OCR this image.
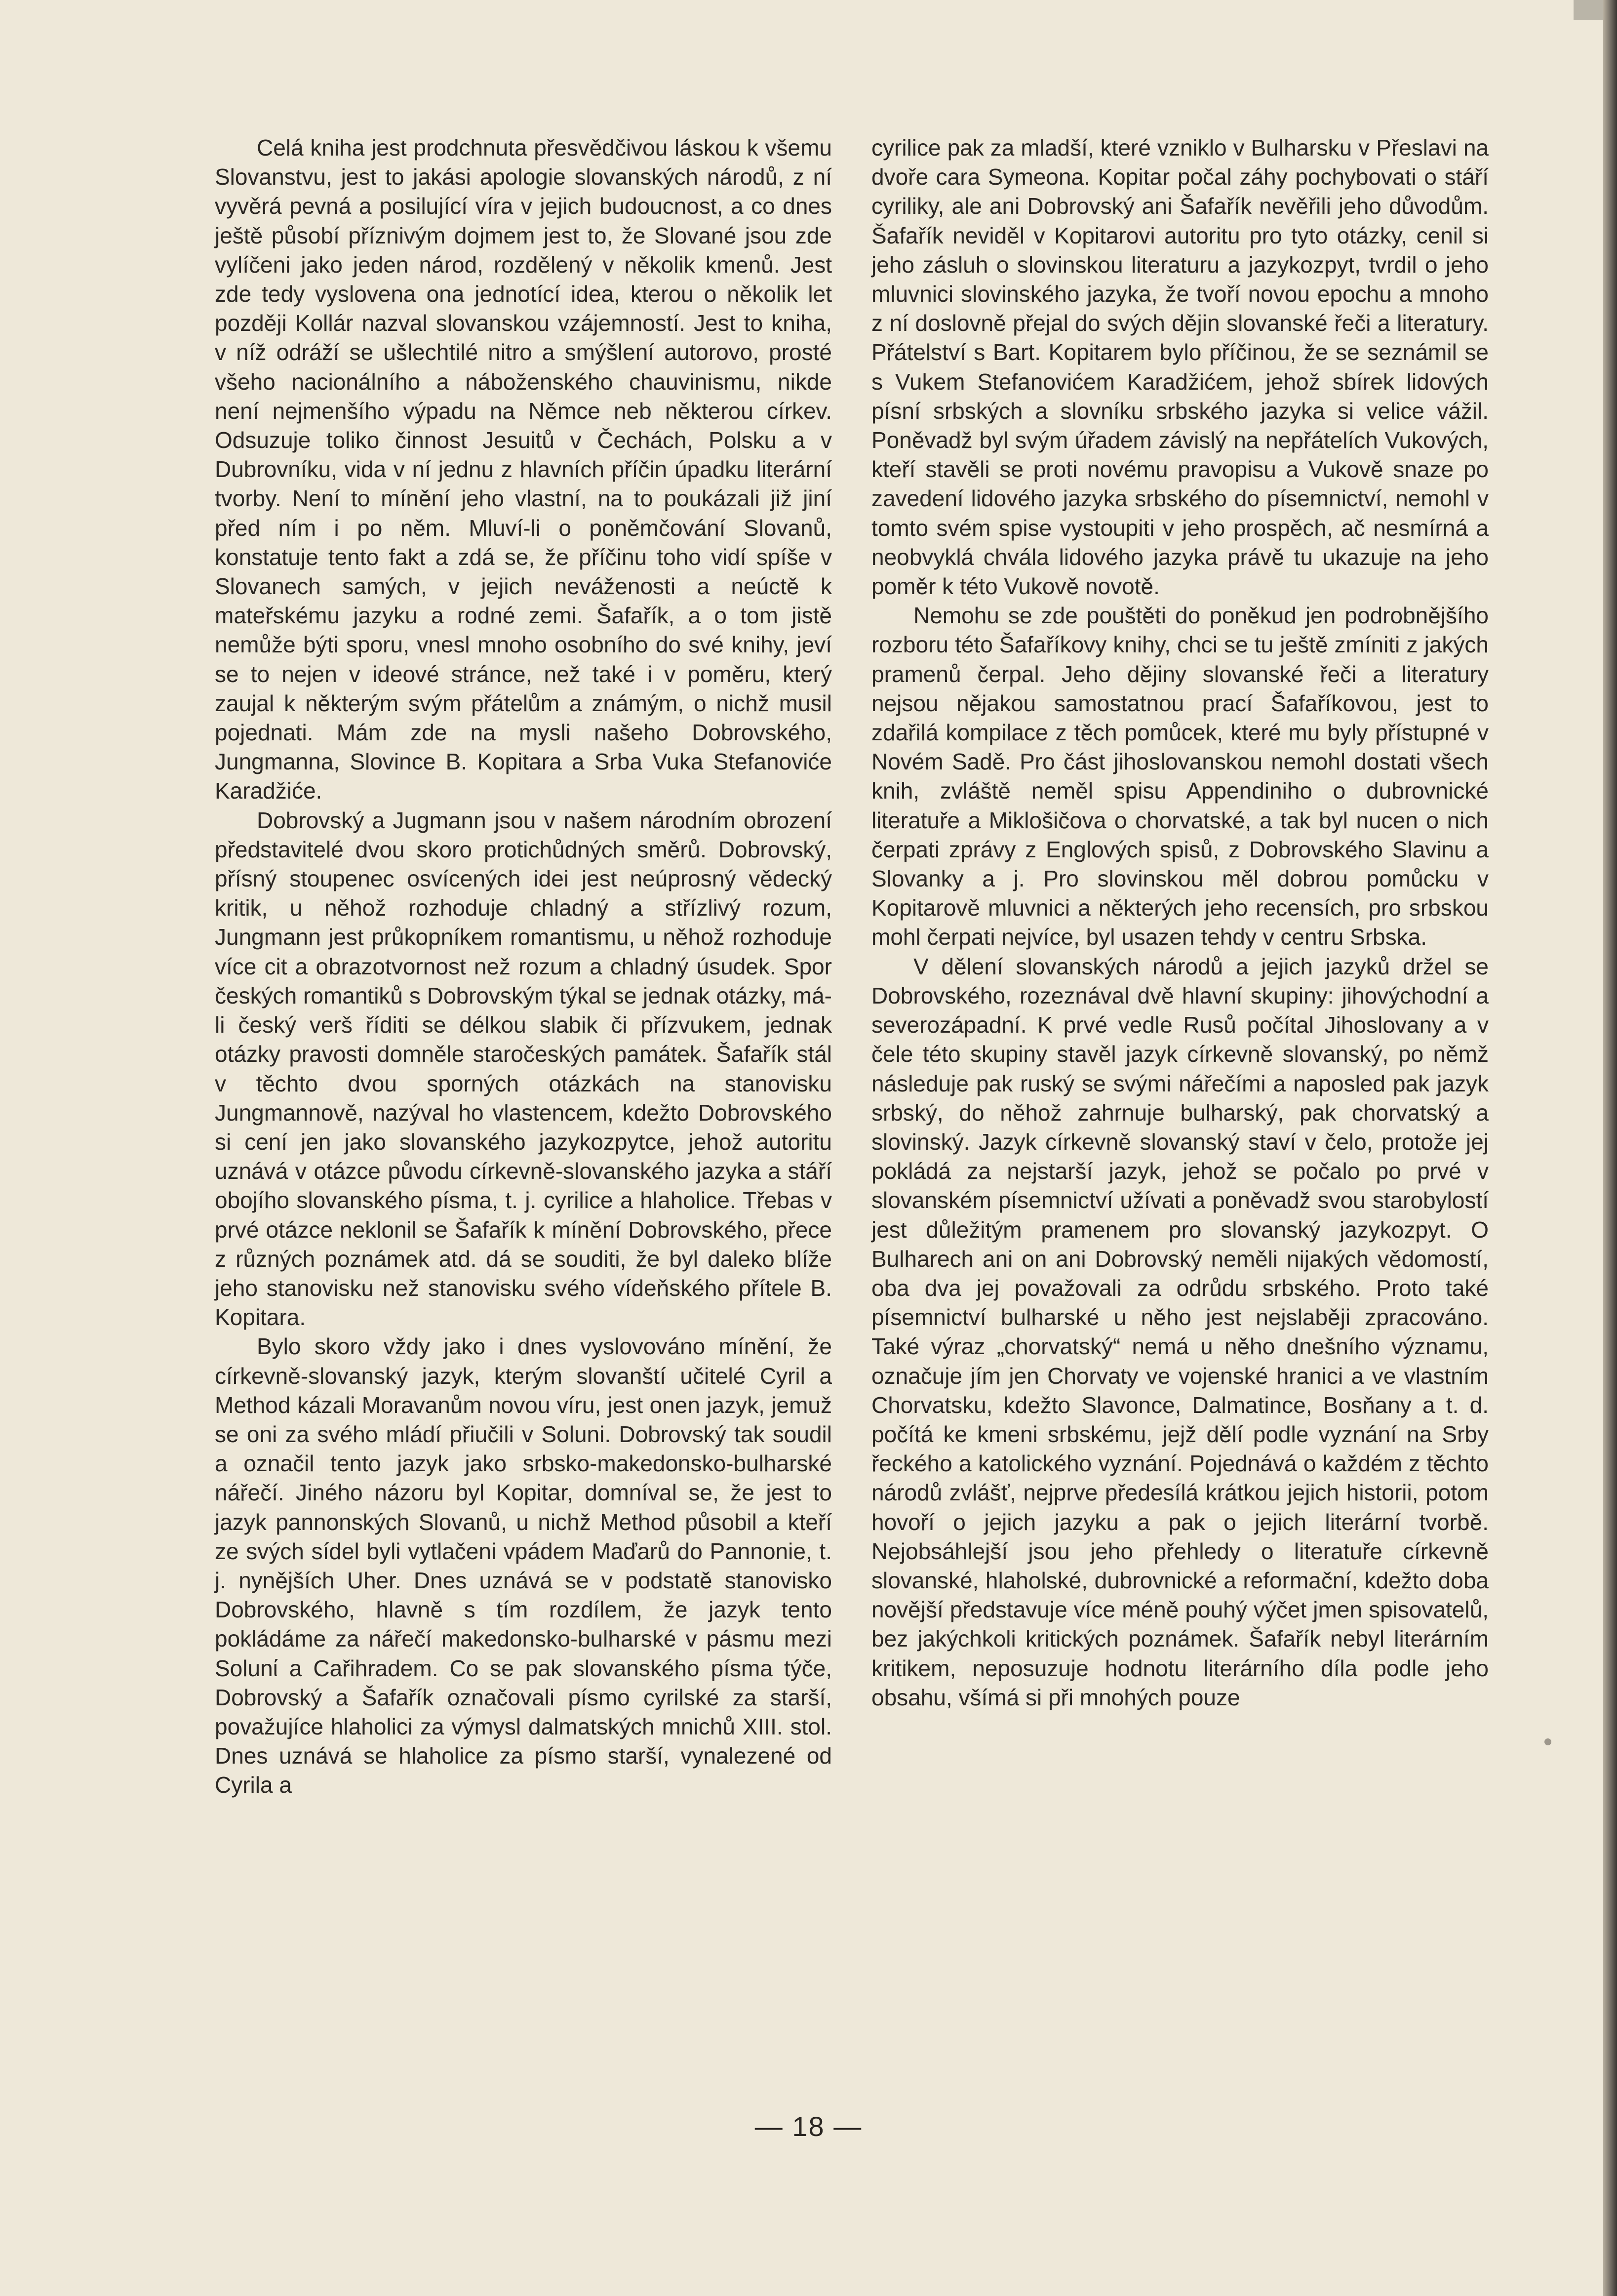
Celá kniha jest prodchnuta přesvědčivou láskou k všemu Slovanstvu, jest to jakási apologie slovanských národů, z ní vyvěrá pevná a posilující víra v jejich budoucnost, a co dnes ještě působí příznivým dojmem jest to, že Slované jsou zde vylíčeni jako jeden národ, rozdělený v několik kmenů. Jest zde tedy vyslovena ona jednotící idea, kterou o několik let později Kollár nazval slovanskou vzájemností. Jest to kniha, v níž odráží se ušlechtilé nitro a smýšlení autorovo, prosté všeho nacionálního a náboženského chauvinismu, nikde není nejmenšího výpadu na Němce neb některou církev. Odsuzuje toliko činnost Jesuitů v Čechách, Polsku a v Dubrovníku, vida v ní jednu z hlavních příčin úpadku literární tvorby. Není to mínění jeho vlastní, na to poukázali již jiní před ním i po něm. Mluví-li o poněmčování Slovanů, konstatuje tento fakt a zdá se, že příčinu toho vidí spíše v Slovanech samých, v jejich neváženosti a neúctě k mateřskému jazyku a rodné zemi. Šafařík, a o tom jistě nemůže býti sporu, vnesl mnoho osobního do své knihy, jeví se to nejen v ideové stránce, než také i v poměru, který zaujal k některým svým přátelům a známým, o nichž musil pojednati. Mám zde na mysli našeho Dobrovského, Jungmanna, Slovince B. Kopitara a Srba Vuka Stefanoviće Karadžiće.

Dobrovský a Jugmann jsou v našem národním obrození představitelé dvou skoro protichůdných směrů. Dobrovský, přísný stoupenec osvícených idei jest neúprosný vědecký kritik, u něhož rozhoduje chladný a střízlivý rozum, Jungmann jest průkopníkem romantismu, u něhož rozhoduje více cit a obrazotvornost než rozum a chladný úsudek. Spor českých romantiků s Dobrovským týkal se jednak otázky, má-li český verš říditi se délkou slabik či přízvukem, jednak otázky pravosti domněle staročeských památek. Šafařík stál v těchto dvou sporných otázkách na stanovisku Jungmannově, nazýval ho vlastencem, kdežto Dobrovského si cení jen jako slovanského jazykozpytce, jehož autoritu uznává v otázce původu církevně-slovanského jazyka a stáří obojího slovanského písma, t. j. cyrilice a hlaholice. Třebas v prvé otázce neklonil se Šafařík k mínění Dobrovského, přece z různých poznámek atd. dá se souditi, že byl daleko blíže jeho stanovisku než stanovisku svého vídeňského přítele B. Kopitara.

Bylo skoro vždy jako i dnes vyslovováno mínění, že církevně-slovanský jazyk, kterým slovanští učitelé Cyril a Method kázali Moravanům novou víru, jest onen jazyk, jemuž se oni za svého mládí přiučili v Soluni. Dobrovský tak soudil a označil tento jazyk jako srbsko-makedonsko-bulharské nářečí. Jiného názoru byl Kopitar, domníval se, že jest to jazyk pannonských Slovanů, u nichž Method působil a kteří ze svých sídel byli vytlačeni vpádem Maďarů do Pannonie, t. j. nynějších Uher. Dnes uznává se v podstatě stanovisko Dobrovského, hlavně s tím rozdílem, že jazyk tento pokládáme za nářečí makedonsko-bulharské v pásmu mezi Solunί a Cařihradem. Co se pak slovanského písma týče, Dobrovský a Šafařík označovali písmo cyrilské za starší, považujíce hlaholici za výmysl dalmatských mnichů XIII. stol. Dnes uznává se hlaholice za písmo starší, vynalezené od Cyrila a

cyrilice pak za mladší, které vzniklo v Bulharsku v Přeslavi na dvoře cara Symeona. Kopitar počal záhy pochybovati o stáří cyriliky, ale ani Dobrovský ani Šafařík nevěřili jeho důvodům. Šafařík neviděl v Kopitarovi autoritu pro tyto otázky, cenil si jeho zásluh o slovinskou literaturu a jazykozpyt, tvrdil o jeho mluvnici slovinského jazyka, že tvoří novou epochu a mnoho z ní doslovně přejal do svých dějin slovanské řeči a literatury. Přátelství s Bart. Kopitarem bylo příčinou, že se seznámil se s Vukem Stefanovićem Karadžićem, jehož sbírek lidových písní srbských a slovníku srbského jazyka si velice vážil. Poněvadž byl svým úřadem závislý na nepřátelích Vukových, kteří stavěli se proti novému pravopisu a Vukově snaze po zavedení lidového jazyka srbského do písemnictví, nemohl v tomto svém spise vystoupiti v jeho prospěch, ač nesmírná a neobvyklá chvála lidového jazyka právě tu ukazuje na jeho poměr k této Vukově novotě.

Nemohu se zde pouštěti do poněkud jen podrobnějšího rozboru této Šafaříkovy knihy, chci se tu ještě zmíniti z jakých pramenů čerpal. Jeho dějiny slovanské řeči a literatury nejsou nějakou samostatnou prací Šafaříkovou, jest to zdařilá kompilace z těch pomůcek, které mu byly přístupné v Novém Sadě. Pro část jihoslovanskou nemohl dostati všech knih, zvláště neměl spisu Appendiniho o dubrovnické literatuře a Miklošičova o chorvatské, a tak byl nucen o nich čerpati zprávy z Englových spisů, z Dobrovského Slavinu a Slovanky a j. Pro slovinskou měl dobrou pomůcku v Kopitarově mluvnici a některých jeho recensích, pro srbskou mohl čerpati nejvíce, byl usazen tehdy v centru Srbska.

V dělení slovanských národů a jejich jazyků držel se Dobrovského, rozeznával dvě hlavní skupiny: jihovýchodní a severozápadní. K prvé vedle Rusů počítal Jihoslovany a v čele této skupiny stavěl jazyk církevně slovanský, po němž následuje pak ruský se svými nářečími a naposled pak jazyk srbský, do něhož zahrnuje bulharský, pak chorvatský a slovinský. Jazyk církevně slovanský staví v čelo, protože jej pokládá za nejstarší jazyk, jehož se počalo po prvé v slovanském písemnictví užívati a poněvadž svou starobylostí jest důležitým pramenem pro slovanský jazykozpyt. O Bulharech ani on ani Dobrovský neměli nijakých vědomostí, oba dva jej považovali za odrůdu srbského. Proto také písemnictví bulharské u něho jest nejslaběji zpracováno. Také výraz „chorvatský“ nemá u něho dnešního významu, označuje jím jen Chorvaty ve vojenské hranici a ve vlastním Chorvatsku, kdežto Slavonce, Dalmatince, Bosňany a t. d. počítá ke kmeni srbskému, jejž dělí podle vyznání na Srby řeckého a katolického vyznání. Pojednává o každém z těchto národů zvlášť, nejprve předesílá krátkou jejich historii, potom hovoří o jejich jazyku a pak o jejich literární tvorbě. Nejobsáhlejší jsou jeho přehledy o literatuře církevně slovanské, hlaholské, dubrovnické a reformační, kdežto doba novější představuje více méně pouhý výčet jmen spisovatelů, bez jakýchkoli kritických poznámek. Šafařík nebyl literárním kritikem, neposuzuje hodnotu literárního díla podle jeho obsahu, všímá si při mnohých pouze

— 18 —
